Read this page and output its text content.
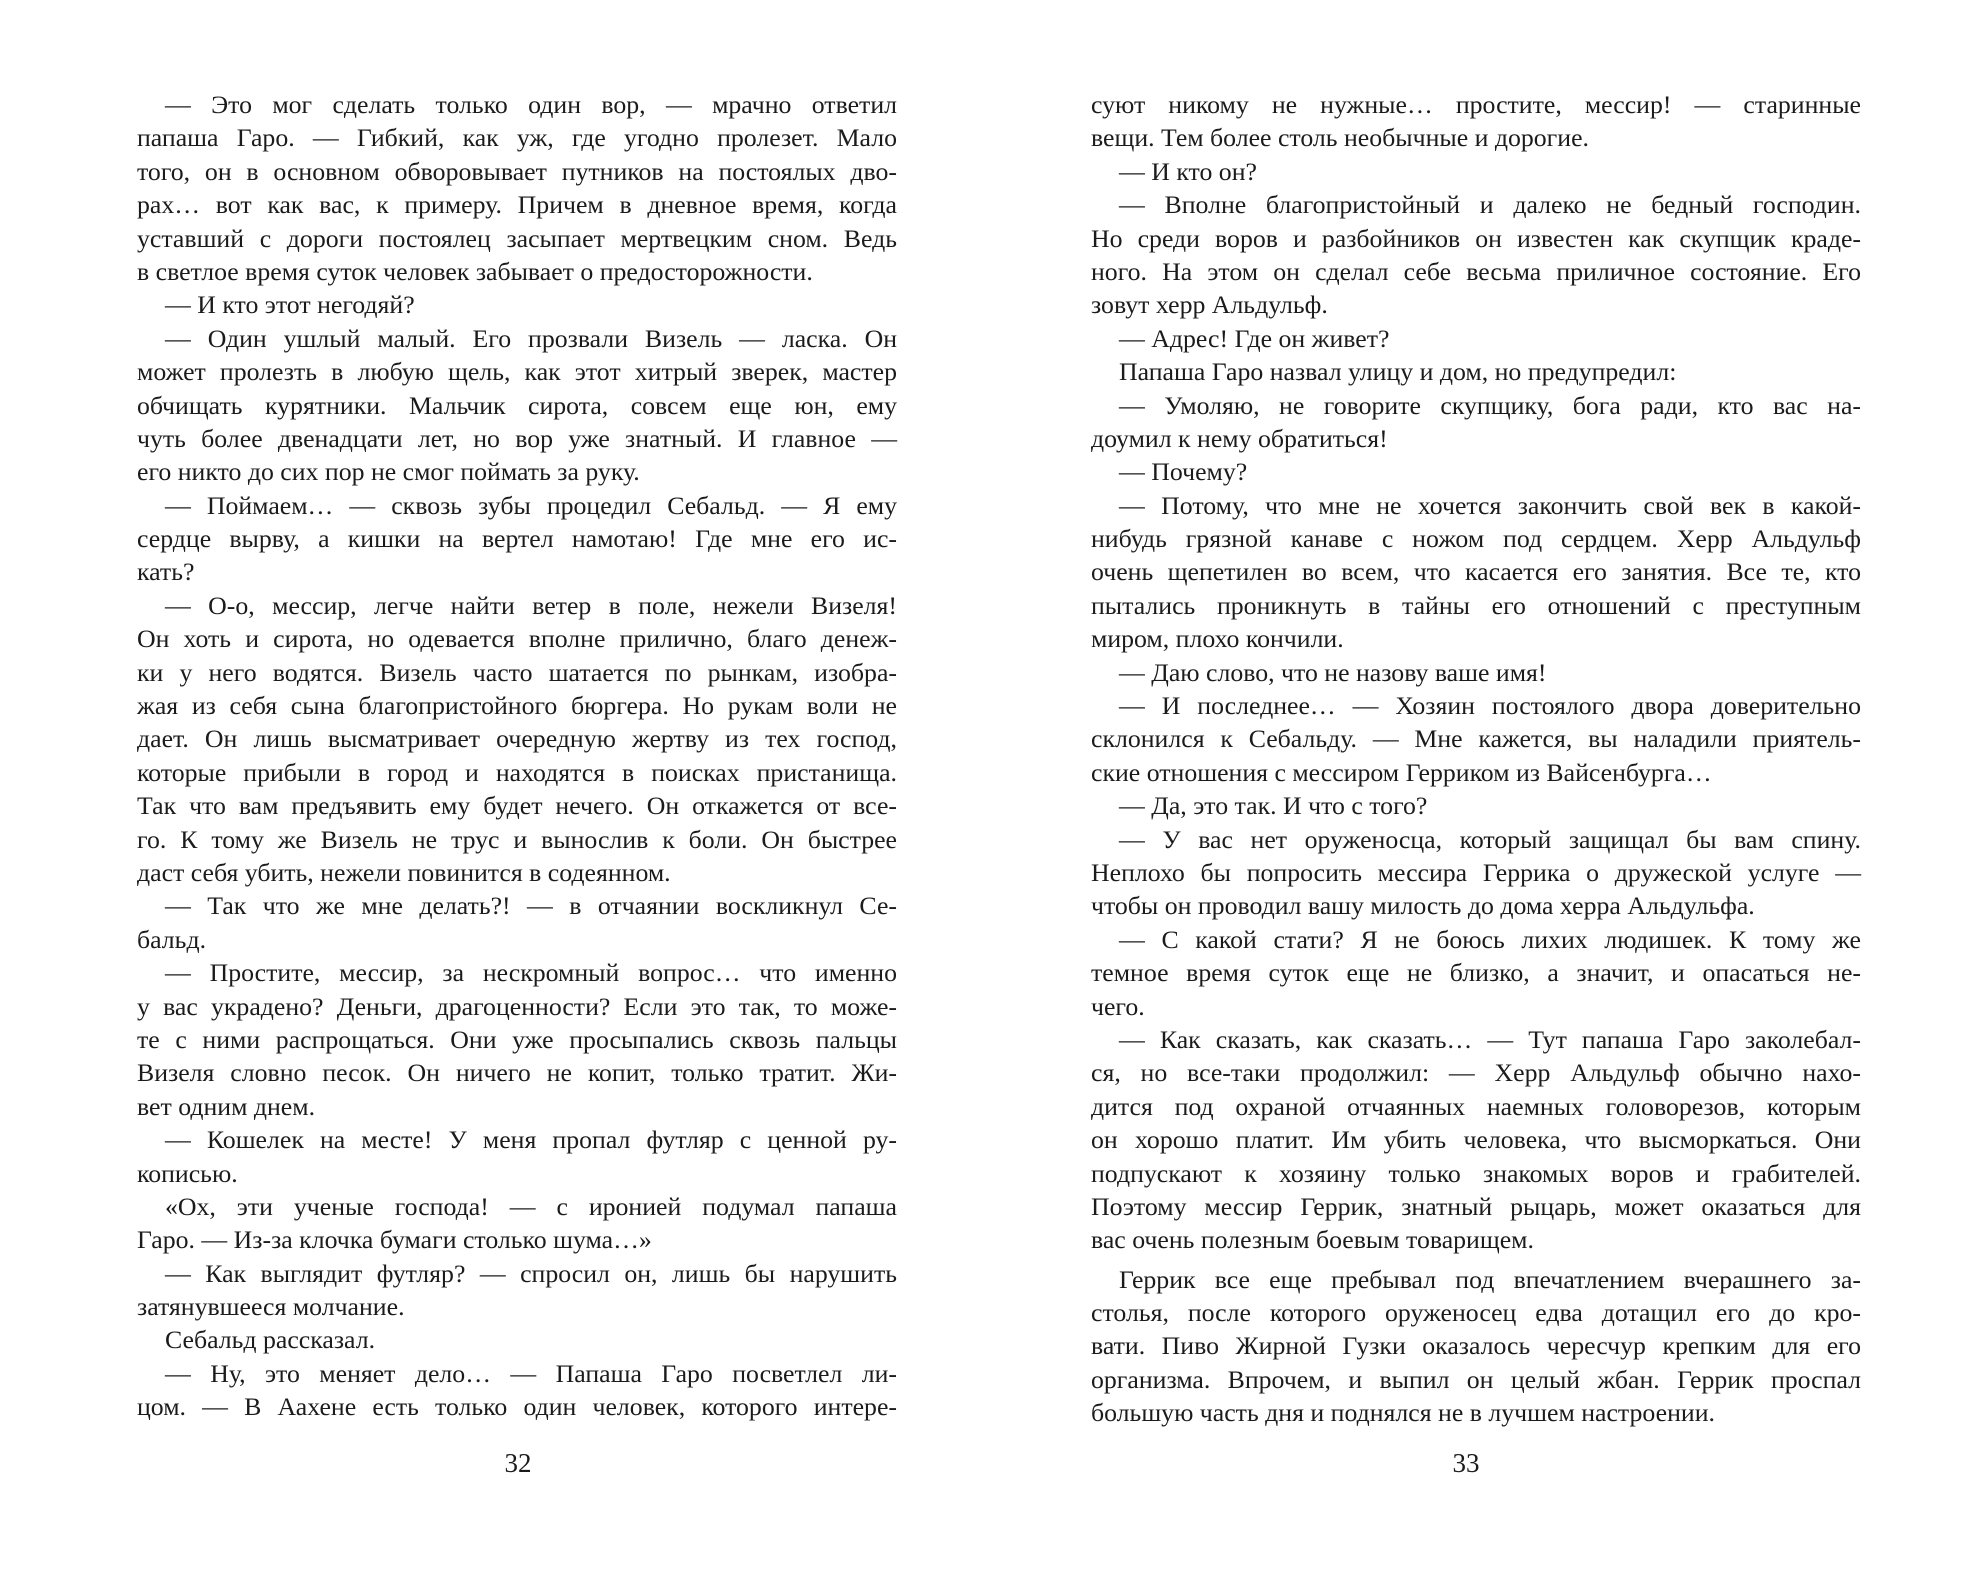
— Это мог сделать только один вор, — мрачно ответил
папаша Гаро. — Гибкий, как уж, где угодно пролезет. Мало
того, он в основном обворовывает путников на постоялых дво-
рах… вот как вас, к примеру. Причем в дневное время, когда
уставший с дороги постоялец засыпает мертвецким сном. Ведь
в светлое время суток человек забывает о предосторожности.
— И кто этот негодяй?
— Один ушлый малый. Его прозвали Визель — ласка. Он
может пролезть в любую щель, как этот хитрый зверек, мастер
обчищать курятники. Мальчик сирота, совсем еще юн, ему
чуть более двенадцати лет, но вор уже знатный. И главное —
его никто до сих пор не смог поймать за руку.
— Поймаем… — сквозь зубы процедил Себальд. — Я ему
сердце вырву, а кишки на вертел намотаю! Где мне его ис-
кать?
— О-о, мессир, легче найти ветер в поле, нежели Визеля!
Он хоть и сирота, но одевается вполне прилично, благо денеж-
ки у него водятся. Визель часто шатается по рынкам, изобра-
жая из себя сына благопристойного бюргера. Но рукам воли не
дает. Он лишь высматривает очередную жертву из тех господ,
которые прибыли в город и находятся в поисках пристанища.
Так что вам предъявить ему будет нечего. Он откажется от все-
го. К тому же Визель не трус и вынослив к боли. Он быстрее
даст себя убить, нежели повинится в содеянном.
— Так что же мне делать?! — в отчаянии воскликнул Се-
бальд.
— Простите, мессир, за нескромный вопрос… что именно
у вас украдено? Деньги, драгоценности? Если это так, то може-
те с ними распрощаться. Они уже просыпались сквозь пальцы
Визеля словно песок. Он ничего не копит, только тратит. Жи-
вет одним днем.
— Кошелек на месте! У меня пропал футляр с ценной ру-
кописью.
«Ох, эти ученые господа! — с иронией подумал папаша
Гаро. — Из-за клочка бумаги столько шума…»
— Как выглядит футляр? — спросил он, лишь бы нарушить
затянувшееся молчание.
Себальд рассказал.
— Ну, это меняет дело… — Папаша Гаро посветлел ли-
цом. — В Аахене есть только один человек, которого интере-
32
суют никому не нужные… простите, мессир! — старинные
вещи. Тем более столь необычные и дорогие.
— И кто он?
— Вполне благопристойный и далеко не бедный господин.
Но среди воров и разбойников он известен как скупщик краде-
ного. На этом он сделал себе весьма приличное состояние. Его
зовут херр Альдульф.
— Адрес! Где он живет?
Папаша Гаро назвал улицу и дом, но предупредил:
— Умоляю, не говорите скупщику, бога ради, кто вас на-
доумил к нему обратиться!
— Почему?
— Потому, что мне не хочется закончить свой век в какой-
нибудь грязной канаве с ножом под сердцем. Херр Альдульф
очень щепетилен во всем, что касается его занятия. Все те, кто
пытались проникнуть в тайны его отношений с преступным
миром, плохо кончили.
— Даю слово, что не назову ваше имя!
— И последнее… — Хозяин постоялого двора доверительно
склонился к Себальду. — Мне кажется, вы наладили приятель-
ские отношения с мессиром Герриком из Вайсенбурга…
— Да, это так. И что с того?
— У вас нет оруженосца, который защищал бы вам спину.
Неплохо бы попросить мессира Геррика о дружеской услуге —
чтобы он проводил вашу милость до дома херра Альдульфа.
— С какой стати? Я не боюсь лихих людишек. К тому же
темное время суток еще не близко, а значит, и опасаться не-
чего.
— Как сказать, как сказать… — Тут папаша Гаро заколебал-
ся, но все-таки продолжил: — Херр Альдульф обычно нахо-
дится под охраной отчаянных наемных головорезов, которым
он хорошо платит. Им убить человека, что высморкаться. Они
подпускают к хозяину только знакомых воров и грабителей.
Поэтому мессир Геррик, знатный рыцарь, может оказаться для
вас очень полезным боевым товарищем.
Геррик все еще пребывал под впечатлением вчерашнего за-
столья, после которого оруженосец едва дотащил его до кро-
вати. Пиво Жирной Гузки оказалось чересчур крепким для его
организма. Впрочем, и выпил он целый жбан. Геррик проспал
большую часть дня и поднялся не в лучшем настроении.
33
